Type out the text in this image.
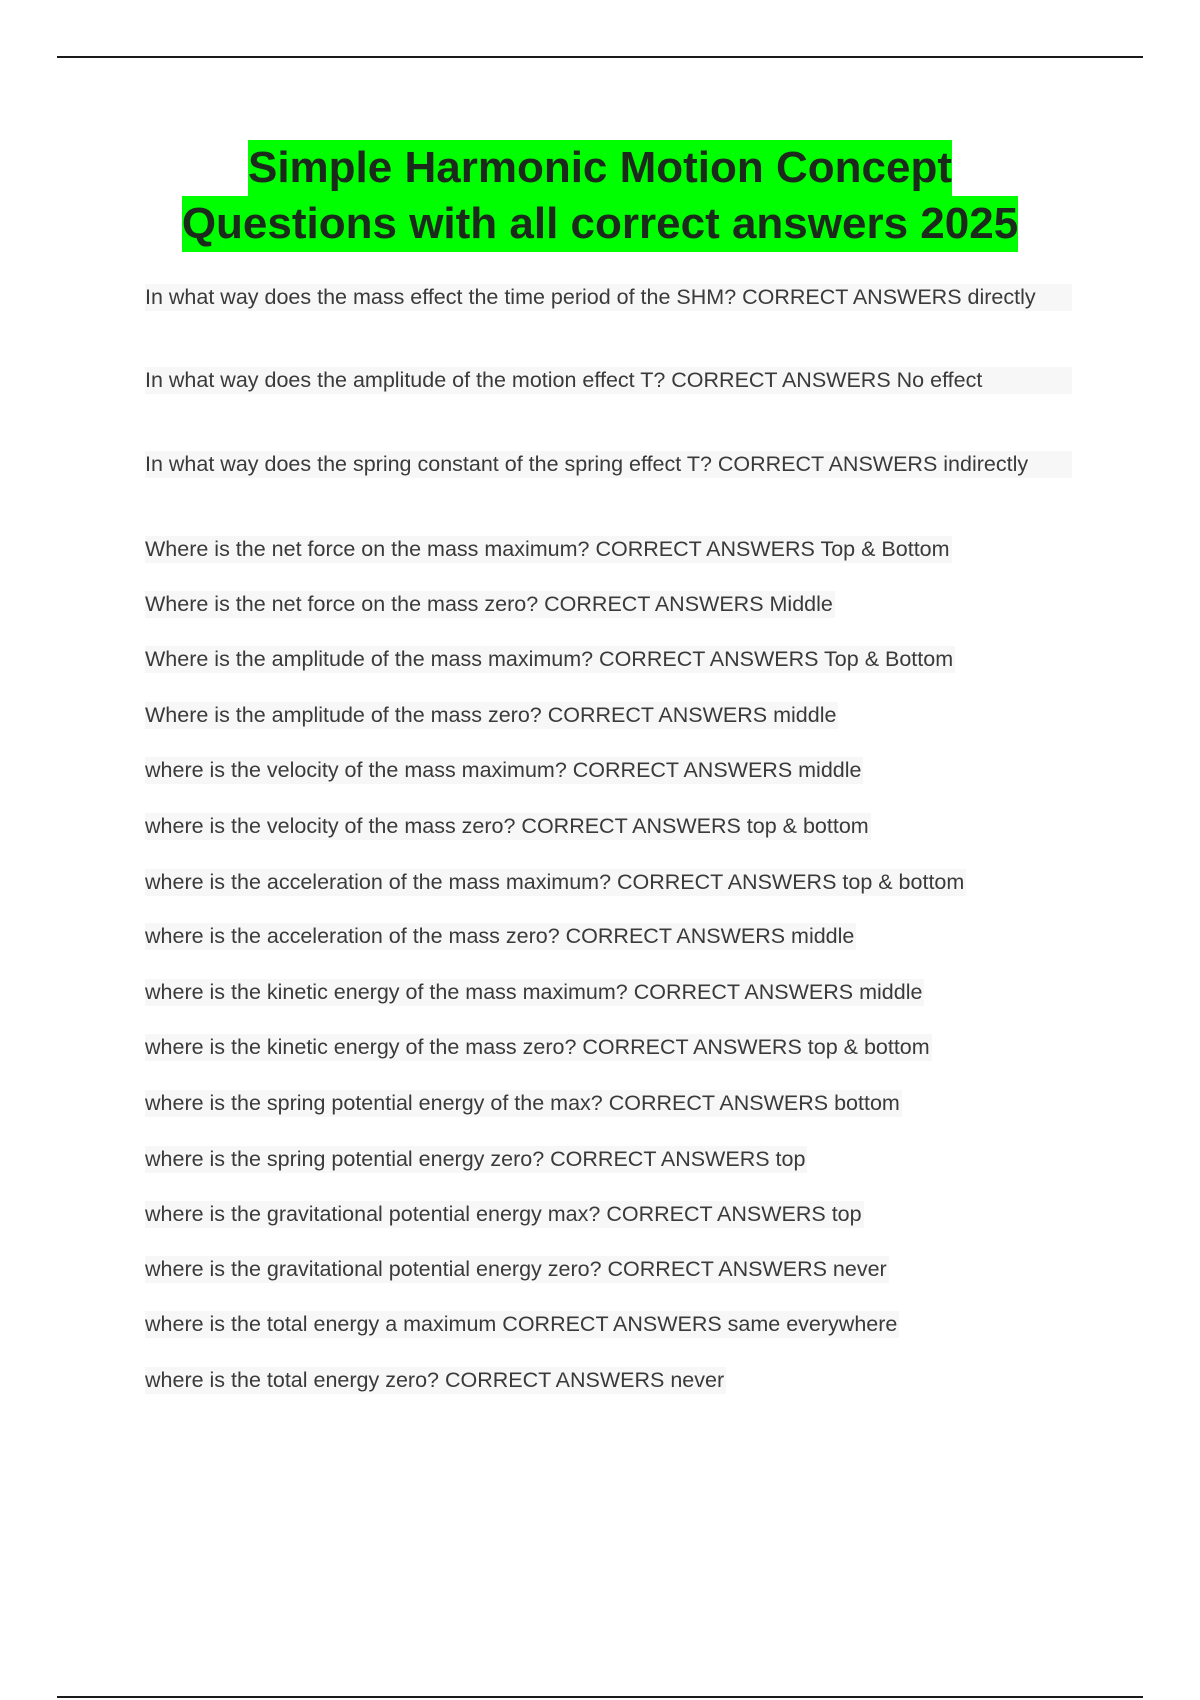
Simple Harmonic Motion Concept
Questions with all correct answers 2025
In what way does the mass effect the time period of the SHM? CORRECT ANSWERS directly
In what way does the amplitude of the motion effect T? CORRECT ANSWERS No effect
In what way does the spring constant of the spring effect T? CORRECT ANSWERS indirectly
Where is the net force on the mass maximum? CORRECT ANSWERS Top & Bottom
Where is the net force on the mass zero? CORRECT ANSWERS Middle
Where is the amplitude of the mass maximum? CORRECT ANSWERS Top & Bottom
Where is the amplitude of the mass zero? CORRECT ANSWERS middle
where is the velocity of the mass maximum? CORRECT ANSWERS middle
where is the velocity of the mass zero? CORRECT ANSWERS top & bottom
where is the acceleration of the mass maximum? CORRECT ANSWERS top & bottom
where is the acceleration of the mass zero? CORRECT ANSWERS middle
where is the kinetic energy of the mass maximum? CORRECT ANSWERS middle
where is the kinetic energy of the mass zero? CORRECT ANSWERS top & bottom
where is the spring potential energy of the max? CORRECT ANSWERS bottom
where is the spring potential energy zero? CORRECT ANSWERS top
where is the gravitational potential energy max? CORRECT ANSWERS top
where is the gravitational potential energy zero? CORRECT ANSWERS never
where is the total energy a maximum CORRECT ANSWERS same everywhere
where is the total energy zero? CORRECT ANSWERS never
